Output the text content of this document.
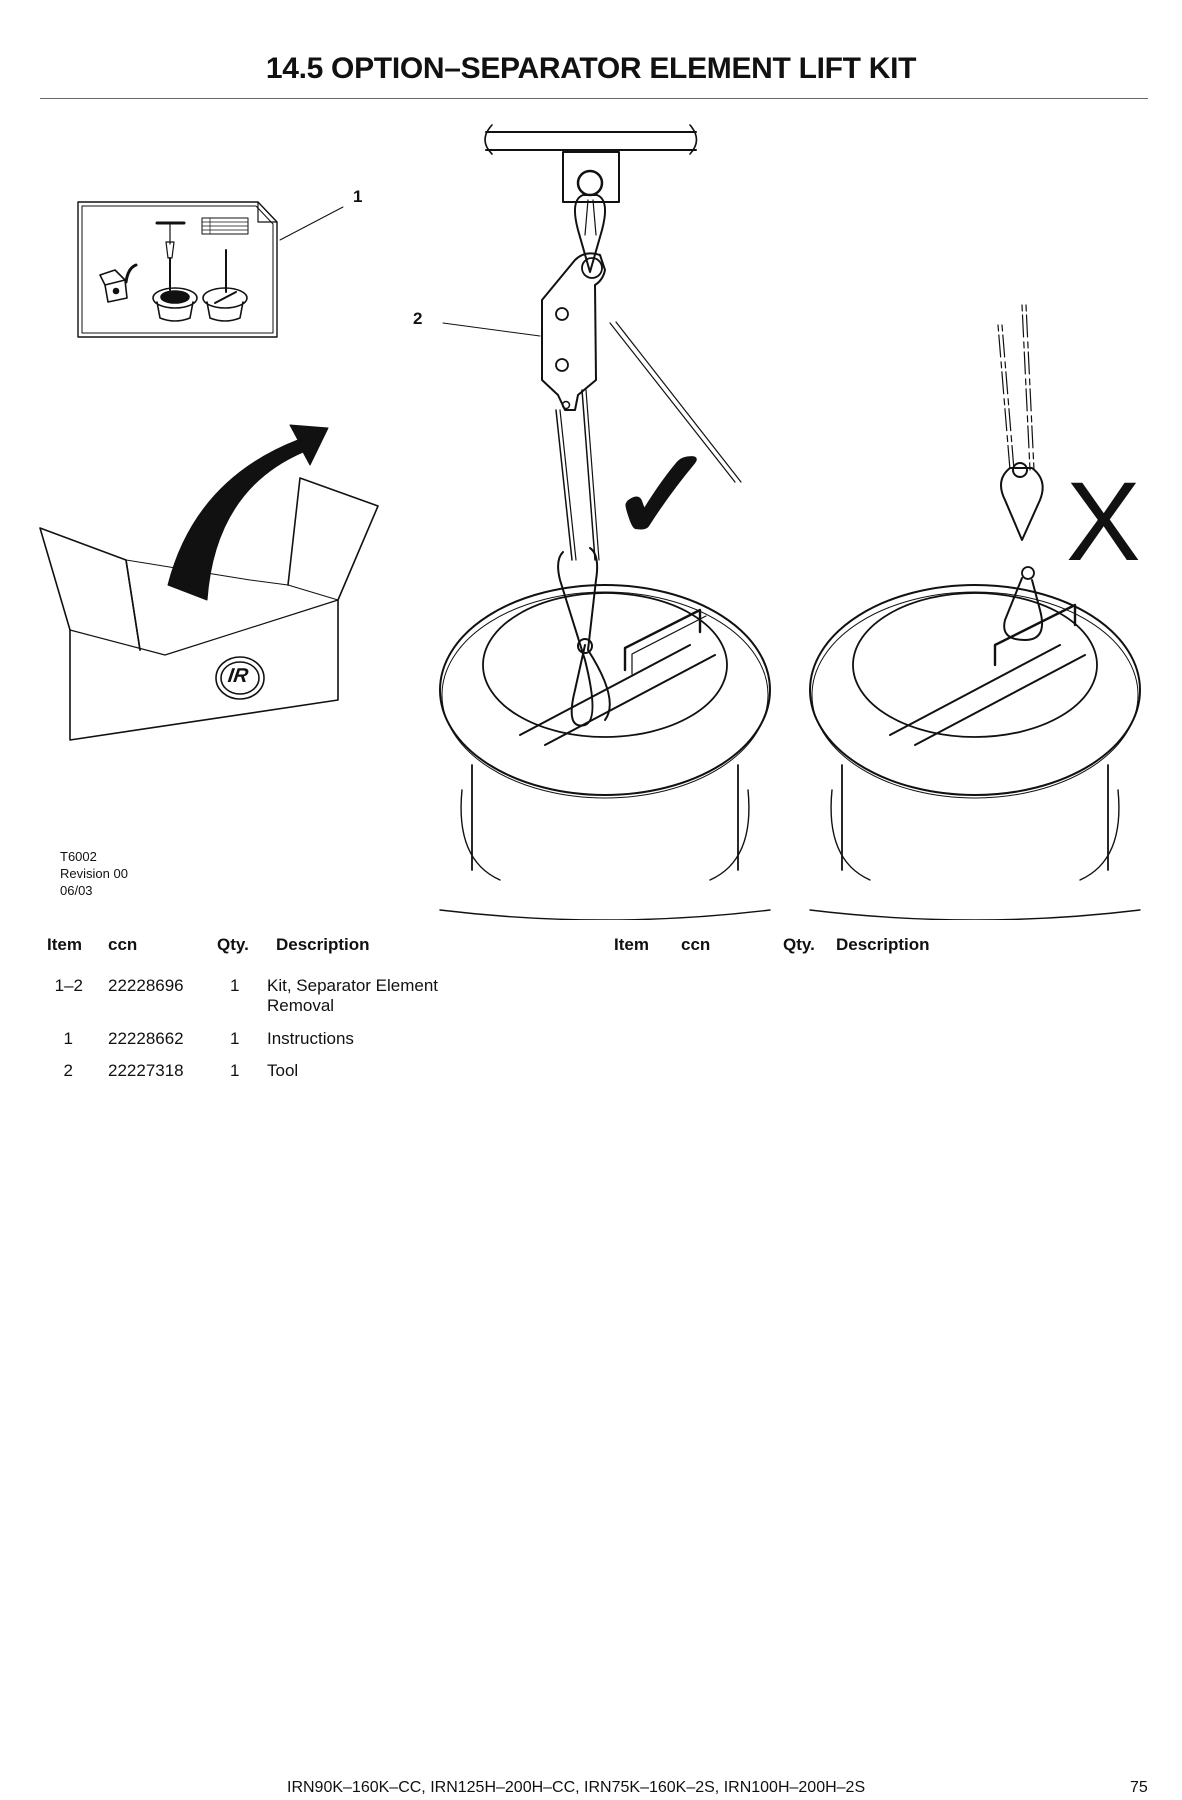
14.5 OPTION–SEPARATOR ELEMENT LIFT KIT
1
2
✓	X
IR
T6002
Revision 00
06/03
Item ccn	Qty. Description	Item ccn	Qty. Description
1–2 22228696	1 Kit, Separator Element Removal
1 22228662	1 Instructions
2 22227318	1 Tool
IRN90K–160K–CC, IRN125H–200H–CC, IRN75K–160K–2S, IRN100H–200H–2S	75
